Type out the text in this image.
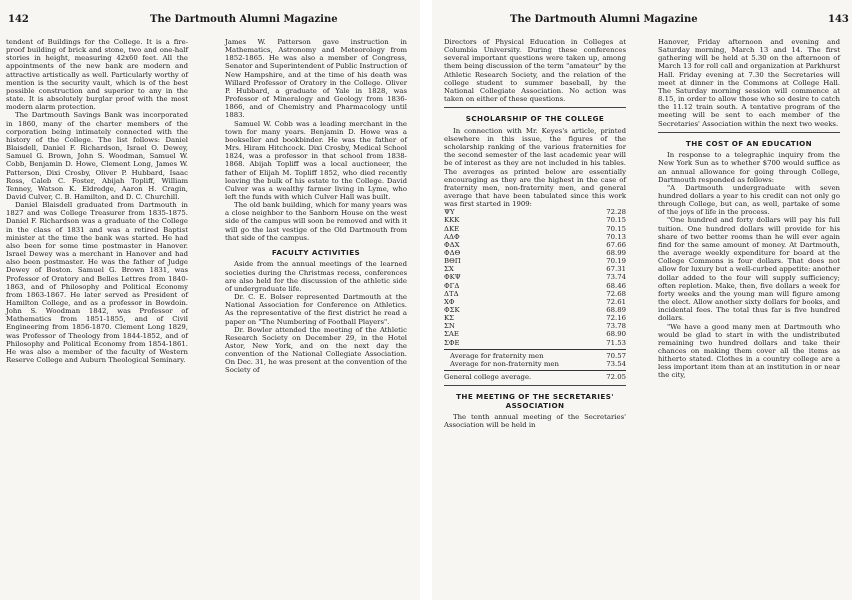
142	The Dartmouth Alumni Magazine

tendent of Buildings for the College. It is a fire-proof building of brick and stone, two and one-half stories in height, measuring 42x60 feet. All the appointments of the new bank are modern and attractive artistically as well. Particularly worthy of mention is the security vault, which is of the best possible construction and superior to any in the state. It is absolutely burglar proof with the most modern alarm protection.

The Dartmouth Savings Bank was incorporated in 1860, many of the charter members of the corporation being intimately connected with the history of the College. The list follows: Daniel Blaisdell, Daniel F. Richardson, Israel O. Dewey, Samuel G. Brown, John S. Woodman, Samuel W. Cobb, Benjamin D. Howe, Clement Long, James W. Patterson, Dixi Crosby, Oliver P. Hubbard, Isaac Ross, Caleb C. Foster, Abijah Topliff, William Tenney, Watson K. Eldredge, Aaron H. Cragin, David Culver, C. B. Hamilton, and D. C. Churchill.

Daniel Blaisdell graduated from Dartmouth in 1827 and was College Treasurer from 1835-1875. Daniel F. Richardson was a graduate of the College in the class of 1831 and was a retired Baptist minister at the time the bank was started. He had also been for some time postmaster in Hanover. Israel Dewey was a merchant in Hanover and had also been postmaster. He was the father of Judge Dewey of Boston. Samuel G. Brown 1831, was Professor of Oratory and Belles Lettres from 1840-1863, and of Philosophy and Political Economy from 1863-1867. He later served as President of Hamilton College, and as a professor in Bowdoin. John S. Woodman 1842, was Professor of Mathematics from 1851-1855, and of Civil Engineering from 1856-1870. Clement Long 1829, was Professor of Theology from 1844-1852, and of Philosophy and Political Economy from 1854-1861. He was also a member of the faculty of Western Reserve College and Auburn Theological Seminary.

James W. Patterson gave instruction in Mathematics, Astronomy and Meteorology from 1852-1865. He was also a member of Congress, Senator and Superintendent of Public Instruction of New Hampshire, and at the time of his death was Willard Professor of Oratory in the College. Oliver P. Hubbard, a graduate of Yale in 1828, was Professor of Mineralogy and Geology from 1836-1866, and of Chemistry and Pharmacology until 1883.

Samuel W. Cobb was a leading merchant in the town for many years. Benjamin D. Howe was a bookseller and bookbinder. He was the father of Mrs. Hiram Hitchcock. Dixi Crosby, Medical School 1824, was a professor in that school from 1838-1868. Abijah Topliff was a local auctioneer, the father of Elijah M. Topliff 1852, who died recently leaving the bulk of his estate to the College. David Culver was a wealthy farmer living in Lyme, who left the funds with which Culver Hall was built.

The old bank building, which for many years was a close neighbor to the Sanborn House on the west side of the campus will soon be removed and with it will go the last vestige of the Old Dartmouth from that side of the campus.

FACULTY ACTIVITIES

Aside from the annual meetings of the learned societies during the Christmas recess, conferences are also held for the discussion of the athletic side of undergraduate life.

Dr. C. E. Bolser represented Dartmouth at the National Association for Conference on Athletics. As the representative of the first district he read a paper on "The Numbering of Football Players".

Dr. Bowler attended the meeting of the Athletic Research Society on December 29, in the Hotel Astor, New York, and on the next day the convention of the National Collegiate Association. On Dec. 31, he was present at the convention of the Society of

The Dartmouth Alumni Magazine	143

Directors of Physical Education in Colleges at Columbia University. During these conferences several important questions were taken up, among them being discussion of the term "amateur" by the Athletic Research Society, and the relation of the college student to summer baseball, by the National Collegiate Association. No action was taken on either of these questions.

SCHOLARSHIP OF THE COLLEGE

In connection with Mr. Keyes's article, printed elsewhere in this issue, the figures of the scholarship ranking of the various fraternities for the second semester of the last academic year will be of interest as they are not included in his tables. The averages as printed below are essentially encouraging as they are the highest in the case of fraternity men, non-fraternity men, and general average that have been tabulated since this work was first started in 1909:

ΨΥ	72.28
ΚΚΚ	70.15
ΔΚΕ	70.15
ΑΔΦ	70.13
ΦΔΧ	67.66
ΦΔΘ	68.99
ΒΘΠ	70.19
ΣΧ	67.31
ΦΚΨ	73.74
ΦΓΔ	68.46
ΔΤΔ	72.68
ΧΦ	72.61
ΦΣΚ	68.89
ΚΣ	72.16
ΣΝ	73.78
ΣΑΕ	68.90
ΣΦΕ	71.53
Average for fraternity men	70.57
Average for non-fraternity men	73.54
General college average.	72.05
THE MEETING OF THE SECRETARIES' ASSOCIATION

The tenth annual meeting of the Secretaries' Association will be held in

Hanover, Friday afternoon and evening and Saturday morning, March 13 and 14. The first gathering will be held at 5.30 on the afternoon of March 13 for roll call and organization at Parkhurst Hall. Friday evening at 7.30 the Secretaries will meet at dinner in the Commons at College Hall. The Saturday morning session will commence at 8.15, in order to allow those who so desire to catch the 11.12 train south. A tentative program of the meeting will be sent to each member of the Secretaries' Association within the next two weeks.

THE COST OF AN EDUCATION

In response to a telegraphic inquiry from the New York Sun as to whether $700 would suffice as an annual allowance for going through College, Dartmouth responded as follows:

"A Dartmouth undergraduate with seven hundred dollars a year to his credit can not only go through College, but can, as well, partake of some of the joys of life in the process.

"One hundred and forty dollars will pay his full tuition. One hundred dollars will provide for his share of two better rooms than he will ever again find for the same amount of money. At Dartmouth, the average weekly expenditure for board at the College Commons is four dollars. That does not allow for luxury but a well-curbed appetite: another dollar added to the four will supply sufficiency; often repletion. Make, then, five dollars a week for forty weeks and the young man will figure among the elect. Allow another sixty dollars for books, and incidental fees. The total thus far is five hundred dollars.

"We have a good many men at Dartmouth who would be glad to start in with the undistributed remaining two hundred dollars and take their chances on making them cover all the items as hitherto stated. Clothes in a country college are a less important item than at an institution in or near the city,
